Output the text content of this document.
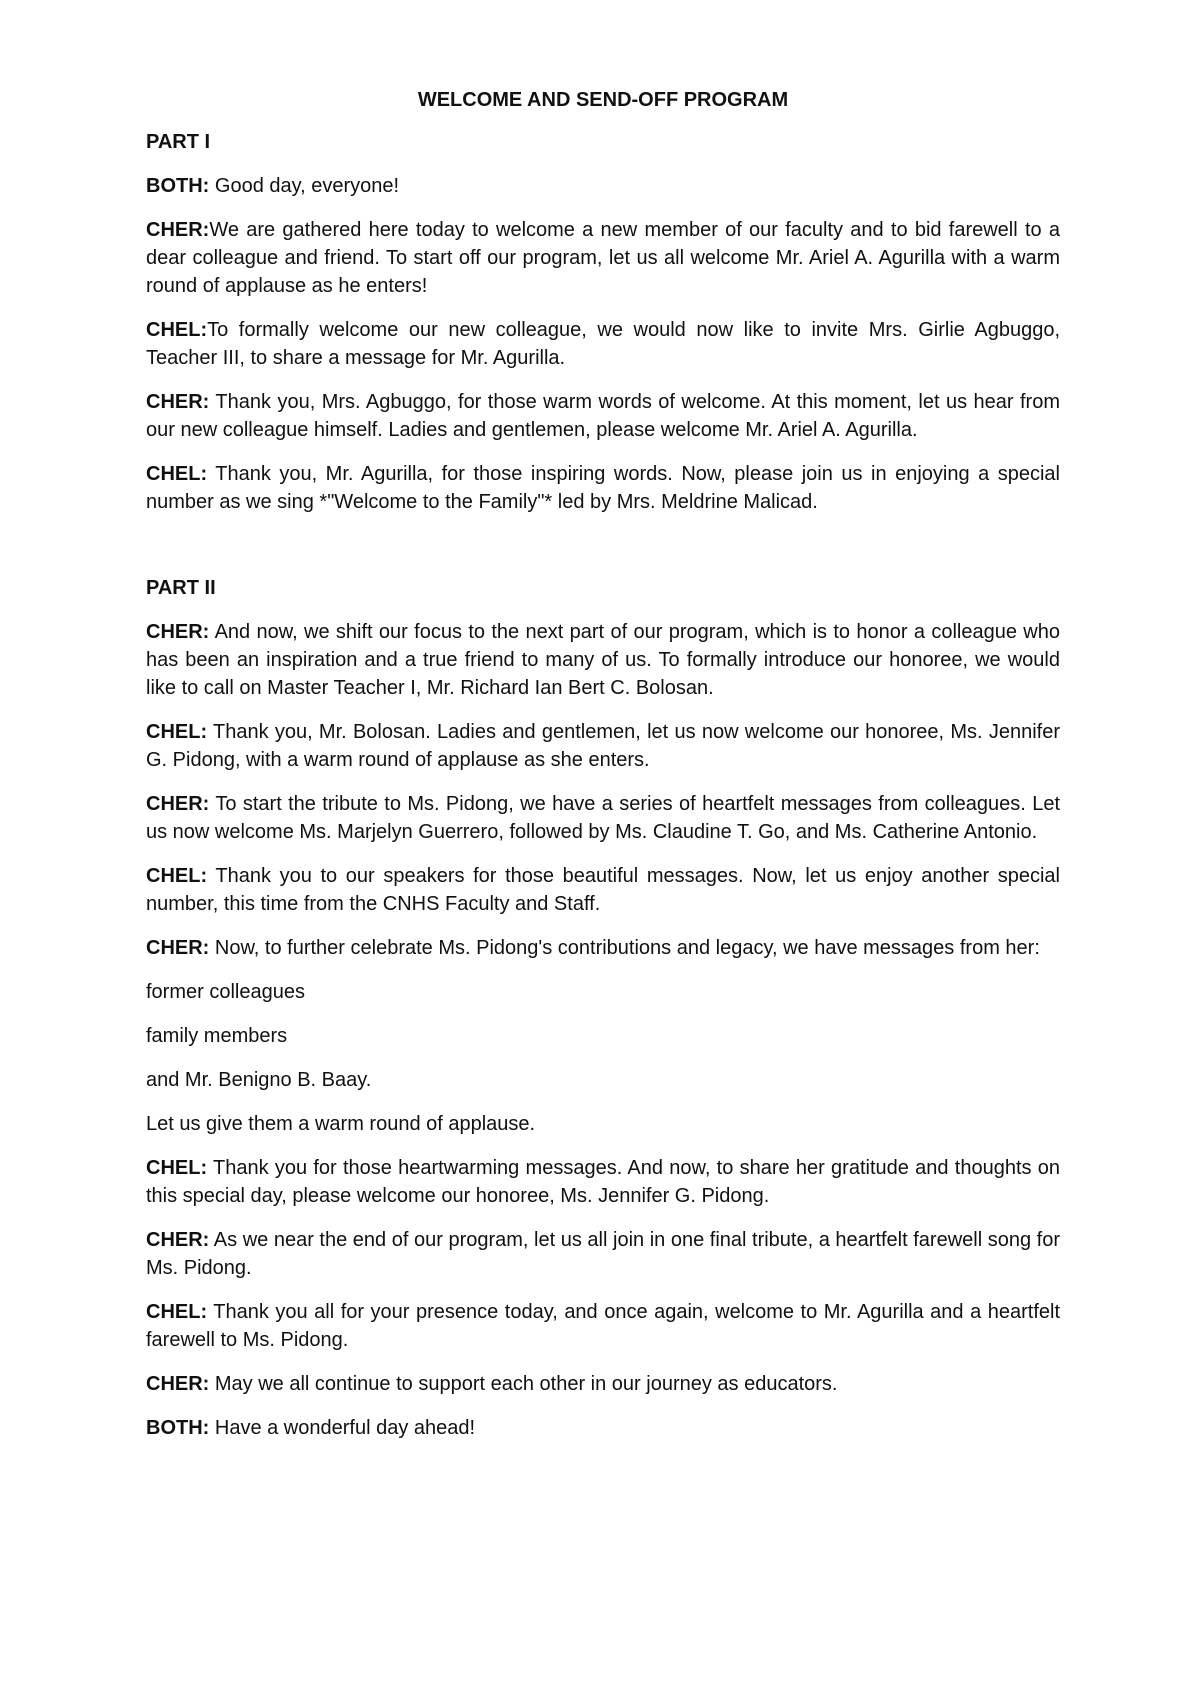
WELCOME AND SEND-OFF PROGRAM
PART I

BOTH: Good day, everyone!

CHER:We are gathered here today to welcome a new member of our faculty and to bid farewell to a dear colleague and friend. To start off our program, let us all welcome Mr. Ariel A. Agurilla with a warm round of applause as he enters!

CHEL:To formally welcome our new colleague, we would now like to invite Mrs. Girlie Agbuggo, Teacher III, to share a message for Mr. Agurilla.

CHER: Thank you, Mrs. Agbuggo, for those warm words of welcome. At this moment, let us hear from our new colleague himself. Ladies and gentlemen, please welcome Mr. Ariel A. Agurilla.

CHEL: Thank you, Mr. Agurilla, for those inspiring words. Now, please join us in enjoying a special number as we sing *"Welcome to the Family"* led by Mrs. Meldrine Malicad.

PART II

CHER: And now, we shift our focus to the next part of our program, which is to honor a colleague who has been an inspiration and a true friend to many of us. To formally introduce our honoree, we would like to call on Master Teacher I, Mr. Richard Ian Bert C. Bolosan.

CHEL: Thank you, Mr. Bolosan. Ladies and gentlemen, let us now welcome our honoree, Ms. Jennifer G. Pidong, with a warm round of applause as she enters.

CHER: To start the tribute to Ms. Pidong, we have a series of heartfelt messages from colleagues. Let us now welcome Ms. Marjelyn Guerrero, followed by Ms. Claudine T. Go, and Ms. Catherine Antonio.

CHEL: Thank you to our speakers for those beautiful messages. Now, let us enjoy another special number, this time from the CNHS Faculty and Staff.

CHER: Now, to further celebrate Ms. Pidong's contributions and legacy, we have messages from her:

former colleagues

family members

and Mr. Benigno B. Baay.

Let us give them a warm round of applause.

CHEL: Thank you for those heartwarming messages. And now, to share her gratitude and thoughts on this special day, please welcome our honoree, Ms. Jennifer G. Pidong.

CHER: As we near the end of our program, let us all join in one final tribute, a heartfelt farewell song for Ms. Pidong.

CHEL: Thank you all for your presence today, and once again, welcome to Mr. Agurilla and a heartfelt farewell to Ms. Pidong.

CHER: May we all continue to support each other in our journey as educators.

BOTH: Have a wonderful day ahead!
